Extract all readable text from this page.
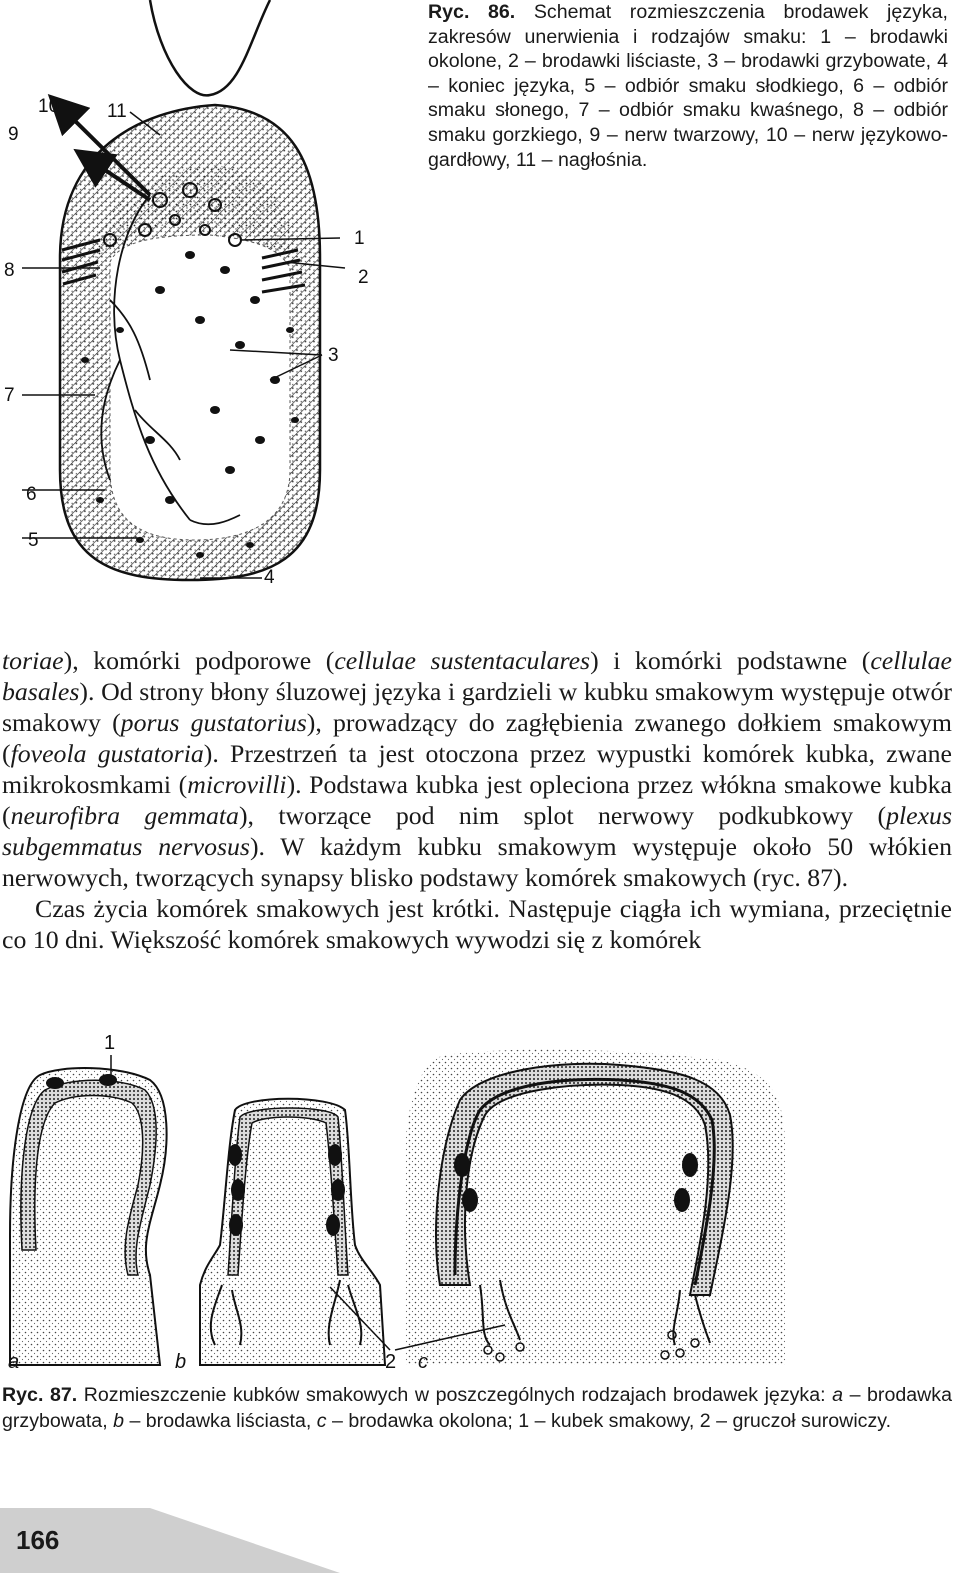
1
2
3
4
5
6
7
8
9
10	11
Ryc. 86. Schemat rozmieszczenia brodawek języka, zakresów unerwienia i rodzajów smaku: 1 – brodawki okolone, 2 – brodawki liściaste, 3 – brodawki grzybowate, 4 – koniec języka, 5 – odbiór smaku słodkiego, 6 – odbiór smaku słonego, 7 – odbiór smaku kwaśnego, 8 – odbiór smaku gorzkiego, 9 – nerw twarzowy, 10 – nerw językowo-gardłowy, 11 – nagłośnia.

toriae), komórki podporowe (cellulae sustentaculares) i komórki podstawne (cellulae basales). Od strony błony śluzowej języka i gardzieli w kubku smakowym występuje otwór smakowy (porus gustatorius), prowadzący do zagłębienia zwanego dołkiem smakowym (foveola gustatoria). Przestrzeń ta jest otoczona przez wypustki komórek kubka, zwane mikrokosmkami (microvilli). Podstawa kubka jest opleciona przez włókna smakowe kubka (neurofibra gemmata), tworzące pod nim splot nerwowy podkubkowy (plexus subgemmatus nervosus). W każdym kubku smakowym występuje około 50 włókien nerwowych, tworzących synapsy blisko podstawy komórek smakowych (ryc. 87).

Czas życia komórek smakowych jest krótki. Następuje ciągła ich wymiana, przeciętnie co 10 dni. Większość komórek smakowych wywodzi się z komórek

1
2
a	b	c
Ryc. 87. Rozmieszczenie kubków smakowych w poszczególnych rodzajach brodawek języka: a – brodawka grzybowata, b – brodawka liściasta, c – brodawka okolona; 1 – kubek smakowy, 2 – gruczoł surowiczy.
166
